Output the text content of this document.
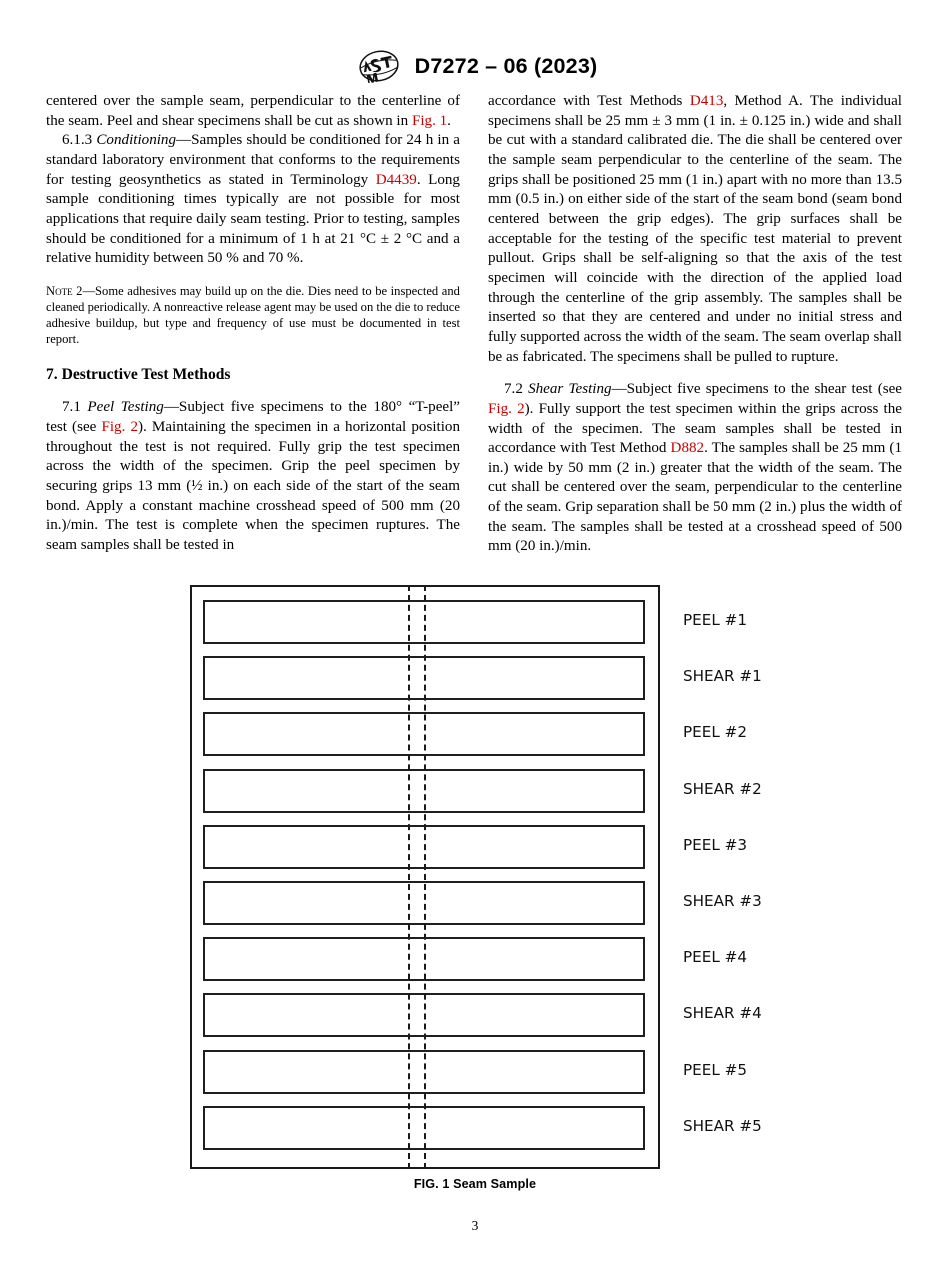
D7272 – 06 (2023)

centered over the sample seam, perpendicular to the centerline of the seam. Peel and shear specimens shall be cut as shown in Fig. 1.

6.1.3 Conditioning—Samples should be conditioned for 24 h in a standard laboratory environment that conforms to the requirements for testing geosynthetics as stated in Terminology D4439. Long sample conditioning times typically are not possible for most applications that require daily seam testing. Prior to testing, samples should be conditioned for a minimum of 1 h at 21 °C ± 2 °C and a relative humidity between 50 % and 70 %.

Note 2—Some adhesives may build up on the die. Dies need to be inspected and cleaned periodically. A nonreactive release agent may be used on the die to reduce adhesive buildup, but type and frequency of use must be documented in test report.

7. Destructive Test Methods

7.1 Peel Testing—Subject five specimens to the 180° “T-peel” test (see Fig. 2). Maintaining the specimen in a horizontal position throughout the test is not required. Fully grip the test specimen across the width of the specimen. Grip the peel specimen by securing grips 13 mm (½ in.) on each side of the start of the seam bond. Apply a constant machine crosshead speed of 500 mm (20 in.)/min. The test is complete when the specimen ruptures. The seam samples shall be tested in

accordance with Test Methods D413, Method A. The individual specimens shall be 25 mm ± 3 mm (1 in. ± 0.125 in.) wide and shall be cut with a standard calibrated die. The die shall be centered over the sample seam perpendicular to the centerline of the seam. The grips shall be positioned 25 mm (1 in.) apart with no more than 13.5 mm (0.5 in.) on either side of the start of the seam bond (seam bond centered between the grip edges). The grip surfaces shall be acceptable for the testing of the specific test material to prevent pullout. Grips shall be self-aligning so that the axis of the test specimen will coincide with the direction of the applied load through the centerline of the grip assembly. The samples shall be inserted so that they are centered and under no initial stress and fully supported across the width of the seam. The seam overlap shall be as fabricated. The specimens shall be pulled to rupture.

7.2 Shear Testing—Subject five specimens to the shear test (see Fig. 2). Fully support the test specimen within the grips across the width of the specimen. The seam samples shall be tested in accordance with Test Method D882. The samples shall be 25 mm (1 in.) wide by 50 mm (2 in.) greater that the width of the seam. The cut shall be centered over the seam, perpendicular to the centerline of the seam. Grip separation shall be 50 mm (2 in.) plus the width of the seam. The samples shall be tested at a crosshead speed of 500 mm (20 in.)/min.

PEEL #1
SHEAR #1
PEEL #2
SHEAR #2
PEEL #3
SHEAR #3
PEEL #4
SHEAR #4
PEEL #5
SHEAR #5
FIG. 1 Seam Sample
3
